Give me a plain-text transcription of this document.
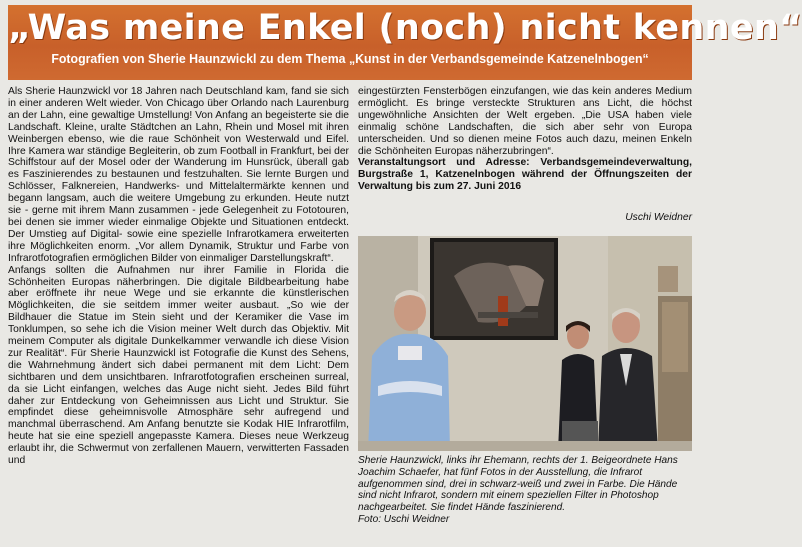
„Was meine Enkel (noch) nicht kennen“
Fotografien von Sherie Haunzwickl zu dem Thema „Kunst in der Verbandsgemeinde Katzenelnbogen“

Als Sherie Haunzwickl vor 18 Jahren nach Deutschland kam, fand sie sich in einer anderen Welt wieder. Von Chicago über Orlando nach Laurenburg an der Lahn, eine gewaltige Umstellung! Von Anfang an begeisterte sie die Landschaft. Kleine, uralte Städtchen an Lahn, Rhein und Mosel mit ihren Weinbergen ebenso, wie die raue Schönheit von Westerwald und Eifel. Ihre Kamera war ständige Begleiterin, ob zum Football in Frankfurt, bei der Schiffstour auf der Mosel oder der Wanderung im Hunsrück, überall gab es Faszinierendes zu bestaunen und festzuhalten. Sie lernte Burgen und Schlösser, Falknereien, Handwerks- und Mittelaltermärkte kennen und begann langsam, auch die weitere Umgebung zu erkunden. Heute nutzt sie - gerne mit ihrem Mann zusammen - jede Gelegenheit zu Fototouren, bei denen sie immer wieder einmalige Objekte und Situationen entdeckt. Der Umstieg auf Digital- sowie eine spezielle Infrarotkamera erweiterten ihre Möglichkeiten enorm. „Vor allem Dynamik, Struktur und Farbe von Infrarotfotografien ermöglichen Bilder von einmaliger Darstellungskraft“.

Anfangs sollten die Aufnahmen nur ihrer Familie in Florida die Schönheiten Europas näherbringen. Die digitale Bildbearbeitung habe aber eröffnete ihr neue Wege und sie erkannte die künstlerischen Möglichkeiten, die sie seitdem immer weiter ausbaut. „So wie der Bildhauer die Statue im Stein sieht und der Keramiker die Vase im Tonklumpen, so sehe ich die Vision meiner Welt durch das Objektiv. Mit meinem Computer als digitale Dunkelkammer verwandle ich diese Vision zur Realität“. Für Sherie Haunzwickl ist Fotografie die Kunst des Sehens, die Wahrnehmung ändert sich dabei permanent mit dem Licht: Dem sichtbaren und dem unsichtbaren. Infrarotfotografien erscheinen surreal, da sie Licht einfangen, welches das Auge nicht sieht. Jedes Bild führt daher zur Entdeckung von Geheimnissen aus Licht und Struktur. Sie empfindet diese geheimnisvolle Atmosphäre sehr aufregend und manchmal überraschend. Am Anfang benutzte sie Kodak HIE Infrarotfilm, heute hat sie eine speziell angepasste Kamera. Dieses neue Werkzeug erlaubt ihr, die Schwermut von zerfallenen Mauern, verwitterten Fassaden und

eingestürzten Fensterbögen einzufangen, wie das kein anderes Medium ermöglicht. Es bringe versteckte Strukturen ans Licht, die höchst ungewöhnliche Ansichten der Welt ergeben. „Die USA haben viele einmalig schöne Landschaften, die sich aber sehr von Europa unterscheiden. Und so dienen meine Fotos auch dazu, meinen Enkeln die Schönheiten Europas näherzubringen“.

Veranstaltungsort und Adresse: Verbandsgemeindeverwaltung, Burgstraße 1, Katzenelnbogen während der Öffnungszeiten der Verwaltung bis zum 27. Juni 2016

Uschi Weidner

Sherie Haunzwickl, links ihr Ehemann, rechts der 1. Beigeordnete Hans Joachim Schaefer, hat fünf Fotos in der Ausstellung, die Infrarot aufgenommen sind, drei in schwarz-weiß und zwei in Farbe. Die Hände sind nicht Infrarot, sondern mit einem speziellen Filter in Photoshop nachgearbeitet. Sie findet Hände faszinierend.

Foto: Uschi Weidner
